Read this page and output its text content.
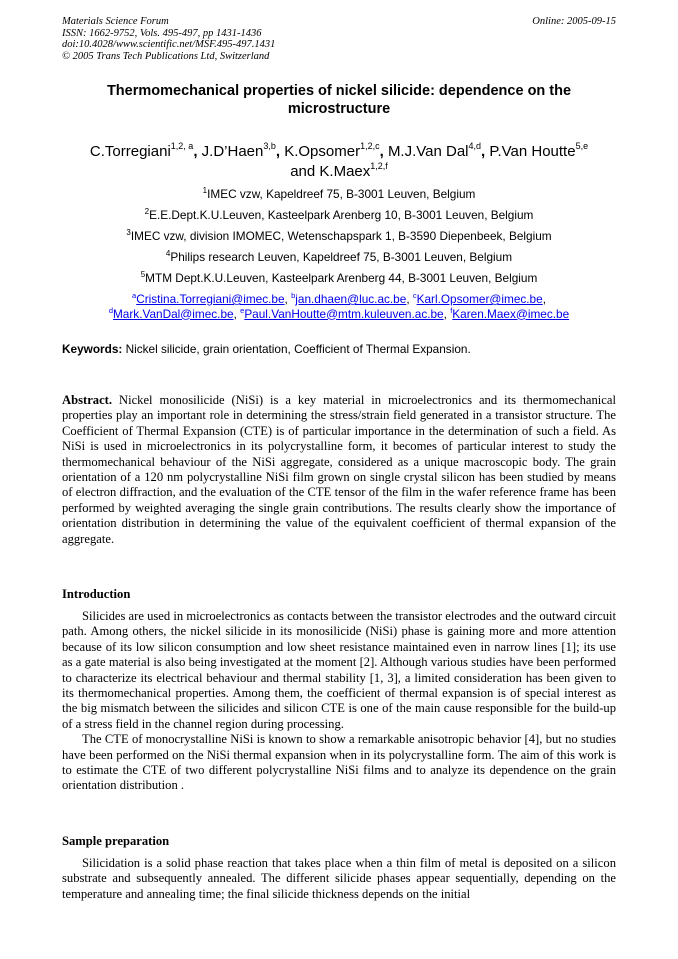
Materials Science Forum
ISSN: 1662-9752, Vols. 495-497, pp 1431-1436
doi:10.4028/www.scientific.net/MSF.495-497.1431
© 2005 Trans Tech Publications Ltd, Switzerland
Online: 2005-09-15
Thermomechanical properties of nickel silicide: dependence on the microstructure
C.Torregiani$^{1,2, a}$, J.D’Haen$^{3,b}$, K.Opsomer$^{1,2,c}$, M.J.Van Dal$^{4,d}$, P.Van Houtte$^{5,e}$
and K.Maex$^{1,2,f}$
$^1$IMEC vzw, Kapeldreef 75, B-3001 Leuven, Belgium
$^2$E.E.Dept.K.U.Leuven, Kasteelpark Arenberg 10, B-3001 Leuven, Belgium
$^3$IMEC vzw, division IMOMEC, Wetenschapspark 1, B-3590 Diepenbeek, Belgium
$^4$Philips research Leuven, Kapeldreef 75, B-3001 Leuven, Belgium
$^5$MTM Dept.K.U.Leuven, Kasteelpark Arenberg 44, B-3001 Leuven, Belgium
$^a$Cristina.Torregiani@imec.be, $^b$jan.dhaen@luc.ac.be, $^c$Karl.Opsomer@imec.be,
$^d$Mark.VanDal@imec.be, $^e$Paul.VanHoutte@mtm.kuleuven.ac.be, $^f$Karen.Maex@imec.be
Keywords: Nickel silicide, grain orientation, Coefficient of Thermal Expansion.
Abstract. Nickel monosilicide (NiSi) is a key material in microelectronics and its thermomechanical properties play an important role in determining the stress/strain field generated in a transistor structure. The Coefficient of Thermal Expansion (CTE) is of particular importance in the determination of such a field. As NiSi is used in microelectronics in its polycrystalline form, it becomes of particular interest to study the thermomechanical behaviour of the NiSi aggregate, considered as a unique macroscopic body. The grain orientation of a 120 nm polycrystalline NiSi film grown on single crystal silicon has been studied by means of electron diffraction, and the evaluation of the CTE tensor of the film in the wafer reference frame has been performed by weighted averaging the single grain contributions. The results clearly show the importance of orientation distribution in determining the value of the equivalent coefficient of thermal expansion of the aggregate.
Introduction

Silicides are used in microelectronics as contacts between the transistor electrodes and the outward circuit path. Among others, the nickel silicide in its monosilicide (NiSi) phase is gaining more and more attention because of its low silicon consumption and low sheet resistance maintained even in narrow lines [1]; its use as a gate material is also being investigated at the moment [2]. Although various studies have been performed to characterize its electrical behaviour and thermal stability [1, 3], a limited consideration has been given to its thermomechanical properties. Among them, the coefficient of thermal expansion is of special interest as the big mismatch between the silicides and silicon CTE is one of the main cause responsible for the build-up of a stress field in the channel region during processing.

The CTE of monocrystalline NiSi is known to show a remarkable anisotropic behavior [4], but no studies have been performed on the NiSi thermal expansion when in its polycrystalline form. The aim of this work is to estimate the CTE of two different polycrystalline NiSi films and to analyze its dependence on the grain orientation distribution .

Sample preparation

Silicidation is a solid phase reaction that takes place when a thin film of metal is deposited on a silicon substrate and subsequently annealed. The different silicide phases appear sequentially, depending on the temperature and annealing time; the final silicide thickness depends on the initial
